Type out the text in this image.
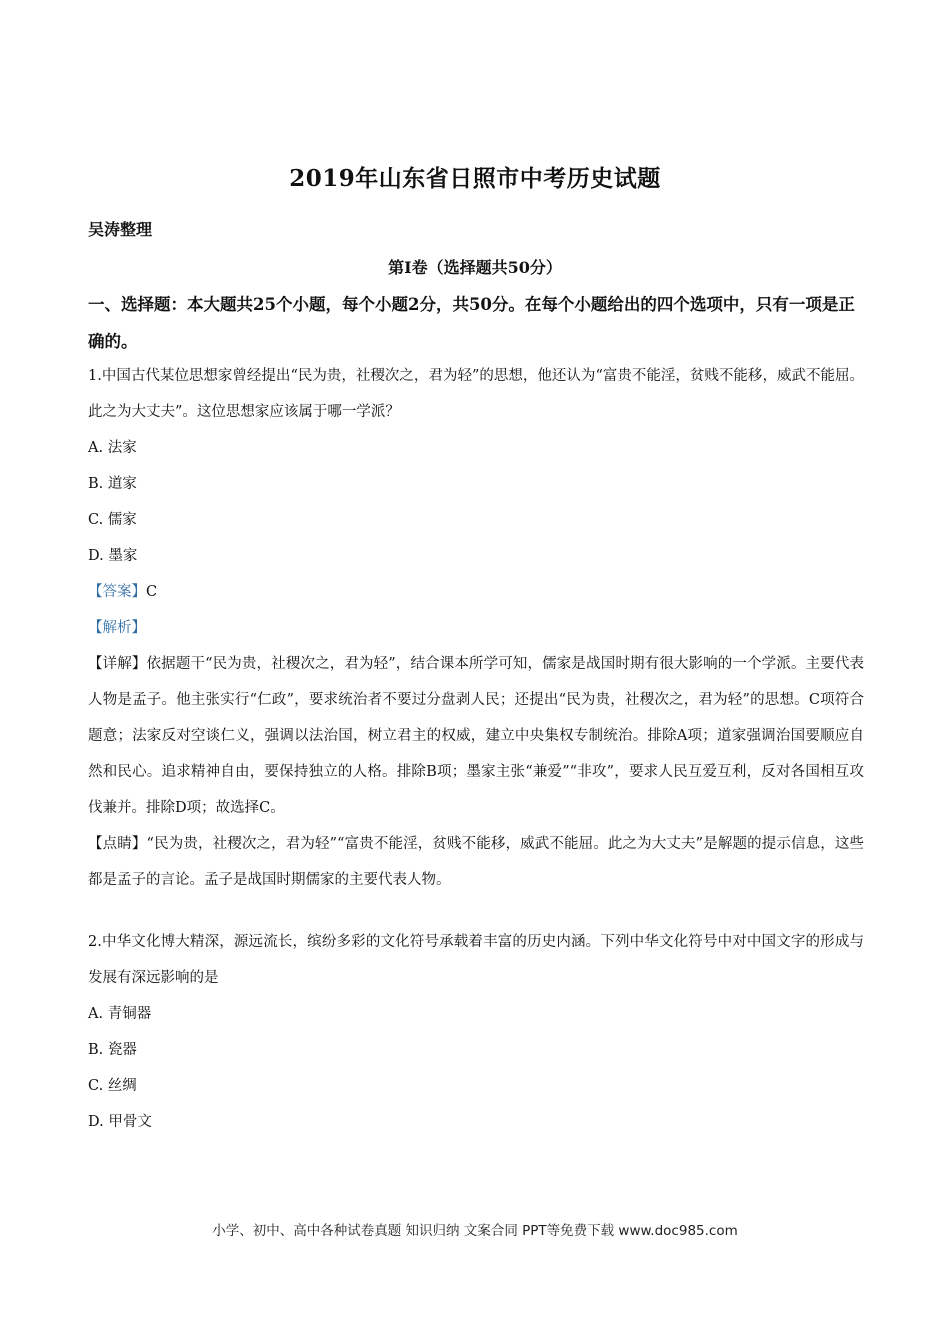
2019年山东省日照市中考历史试题
吴涛整理
第Ⅰ卷（选择题共50分）
一、选择题：本大题共25个小题，每个小题2分，共50分。在每个小题给出的四个选项中，只有一项是正确的。
1.中国古代某位思想家曾经提出“民为贵，社稷次之，君为轻”的思想，他还认为“富贵不能淫，贫贱不能移，威武不能屈。此之为大丈夫”。这位思想家应该属于哪一学派？
A. 法家
B. 道家
C. 儒家
D. 墨家
【答案】C
【解析】
【详解】依据题干“民为贵，社稷次之，君为轻”，结合课本所学可知，儒家是战国时期有很大影响的一个学派。主要代表人物是孟子。他主张实行“仁政”，要求统治者不要过分盘剥人民；还提出“民为贵，社稷次之，君为轻”的思想。C项符合题意；法家反对空谈仁义，强调以法治国，树立君主的权威，建立中央集权专制统治。排除A项；道家强调治国要顺应自然和民心。追求精神自由，要保持独立的人格。排除B项；墨家主张“兼爱”“非攻”，要求人民互爱互利，反对各国相互攻伐兼并。排除D项；故选择C。
【点睛】“民为贵，社稷次之，君为轻”“富贵不能淫，贫贱不能移，威武不能屈。此之为大丈夫”是解题的提示信息，这些都是孟子的言论。孟子是战国时期儒家的主要代表人物。
2.中华文化博大精深，源远流长，缤纷多彩的文化符号承载着丰富的历史内涵。下列中华文化符号中对中国文字的形成与发展有深远影响的是
A. 青铜器
B. 瓷器
C. 丝绸
D. 甲骨文
小学、初中、高中各种试卷真题 知识归纳 文案合同 PPT等免费下载 www.doc985.com
